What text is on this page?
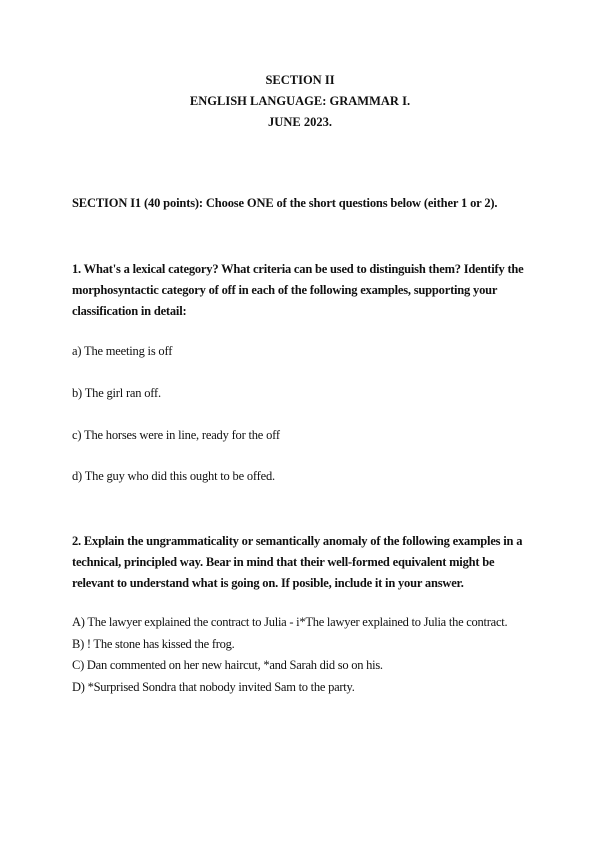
SECTION II
ENGLISH LANGUAGE: GRAMMAR I.
JUNE 2023.

SECTION I1 (40 points): Choose ONE of the short questions below (either 1 or 2).

1. What's a lexical category? What criteria can be used to distinguish them? Identify the morphosyntactic category of off in each of the following examples, supporting your classification in detail:

a) The meeting is off
b) The girl ran off.
c) The horses were in line, ready for the off
d) The guy who did this ought to be offed.

2. Explain the ungrammaticality or semantically anomaly of the following examples in a technical, principled way. Bear in mind that their well-formed equivalent might be relevant to understand what is going on. If posible, include it in your answer.

A) The lawyer explained the contract to Julia - i*The lawyer explained to Julia the contract.
B) ! The stone has kissed the frog.
C) Dan commented on her new haircut, *and Sarah did so on his.
D) *Surprised Sondra that nobody invited Sam to the party.
